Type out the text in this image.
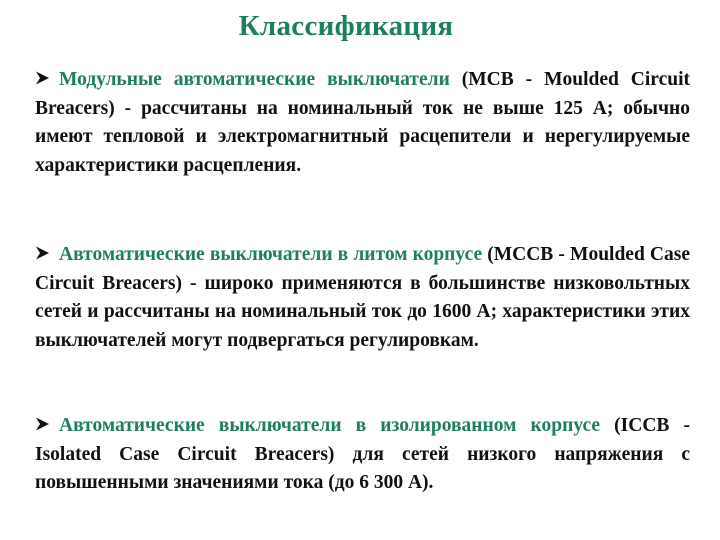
Классификация

Модульные автоматические выключатели (MCB - Moulded Circuit Breacers) - рассчитаны на номинальный ток не выше 125 А; обычно имеют тепловой и электромагнитный расцепители и нерегулируемые характеристики расцепления.

Автоматические выключатели в литом корпусе (MCCB - Moulded Case Circuit Breacers) - широко применяются в большинстве низковольтных сетей и рассчитаны на номинальный ток до 1600 А; характеристики этих выключателей могут подвергаться регулировкам.

Автоматические выключатели в изолированном корпусе (ICCB - Isolated Case Circuit Breacers) для сетей низкого напряжения с повышенными значениями тока (до 6 300 А).
